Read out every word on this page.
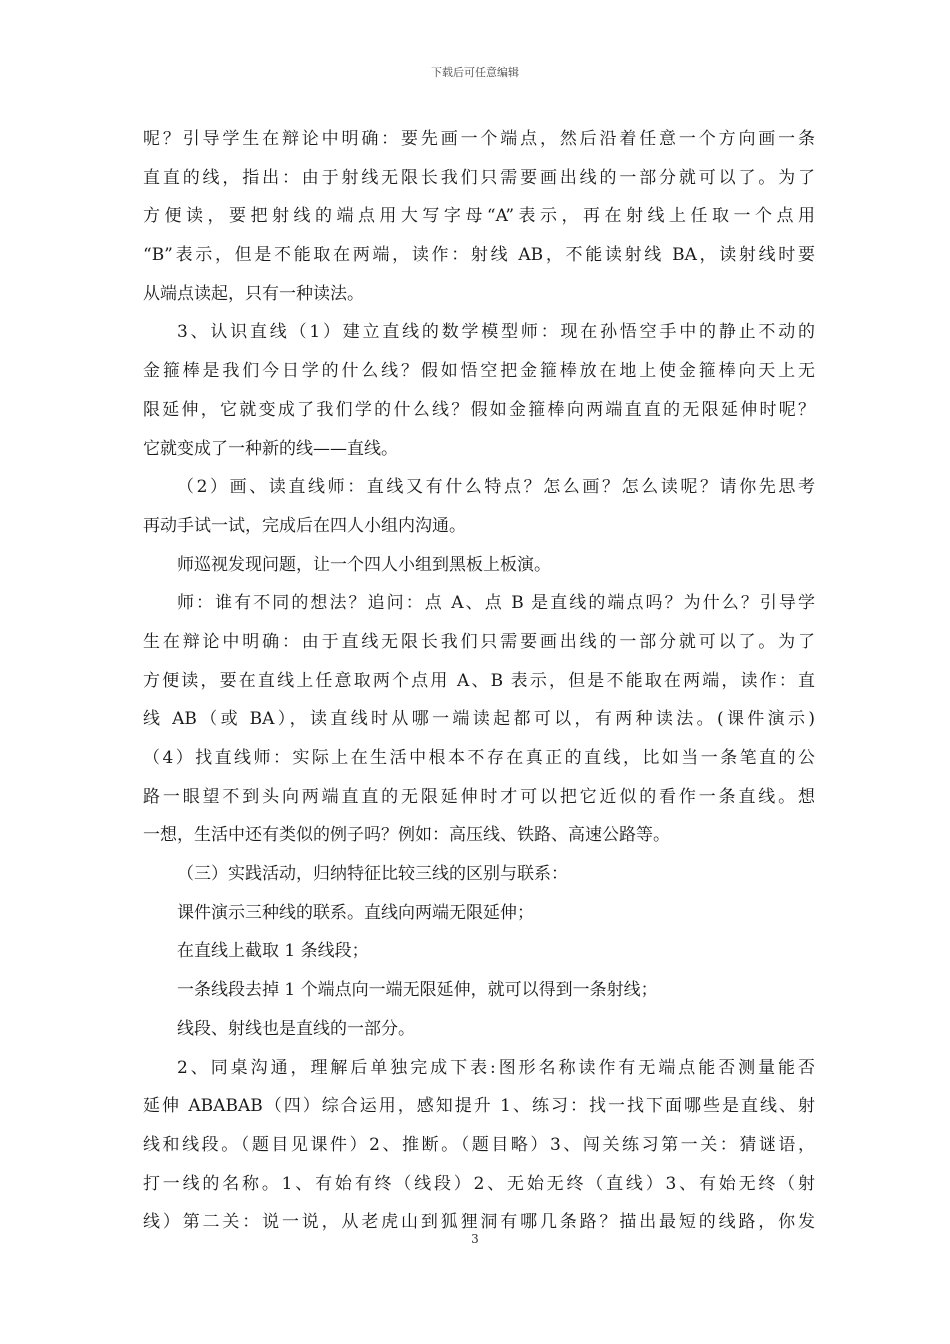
下载后可任意编辑
呢？引导学生在辩论中明确：要先画一个端点，然后沿着任意一个方向画一条
直直的线，指出：由于射线无限长我们只需要画出线的一部分就可以了。为了
方便读，要把射线的端点用大写字母“A”表示，再在射线上任取一个点用
“B”表示，但是不能取在两端，读作：射线 AB，不能读射线 BA，读射线时要
从端点读起，只有一种读法。
3、认识直线（1）建立直线的数学模型师：现在孙悟空手中的静止不动的
金箍棒是我们今日学的什么线？假如悟空把金箍棒放在地上使金箍棒向天上无
限延伸，它就变成了我们学的什么线？假如金箍棒向两端直直的无限延伸时呢？
它就变成了一种新的线——直线。
（2）画、读直线师：直线又有什么特点？怎么画？怎么读呢？请你先思考
再动手试一试，完成后在四人小组内沟通。
师巡视发现问题，让一个四人小组到黑板上板演。
师：谁有不同的想法？追问：点 A、点 B 是直线的端点吗？为什么？引导学
生在辩论中明确：由于直线无限长我们只需要画出线的一部分就可以了。为了
方便读，要在直线上任意取两个点用 A、B 表示，但是不能取在两端，读作：直
线 AB（或 BA），读直线时从哪一端读起都可以，有两种读法。(课件演示)
（4）找直线师：实际上在生活中根本不存在真正的直线，比如当一条笔直的公
路一眼望不到头向两端直直的无限延伸时才可以把它近似的看作一条直线。想
一想，生活中还有类似的例子吗？例如：高压线、铁路、高速公路等。
（三）实践活动，归纳特征比较三线的区别与联系：
课件演示三种线的联系。直线向两端无限延伸；
在直线上截取 1 条线段；
一条线段去掉 1 个端点向一端无限延伸，就可以得到一条射线；
线段、射线也是直线的一部分。
2、同桌沟通，理解后单独完成下表:图形名称读作有无端点能否测量能否
延伸 ABABAB（四）综合运用，感知提升 1、练习：找一找下面哪些是直线、射
线和线段。（题目见课件）2、推断。（题目略）3、闯关练习第一关：猜谜语，
打一线的名称。1、有始有终（线段）2、无始无终（直线）3、有始无终（射
线）第二关：说一说，从老虎山到狐狸洞有哪几条路？描出最短的线路，你发
3
